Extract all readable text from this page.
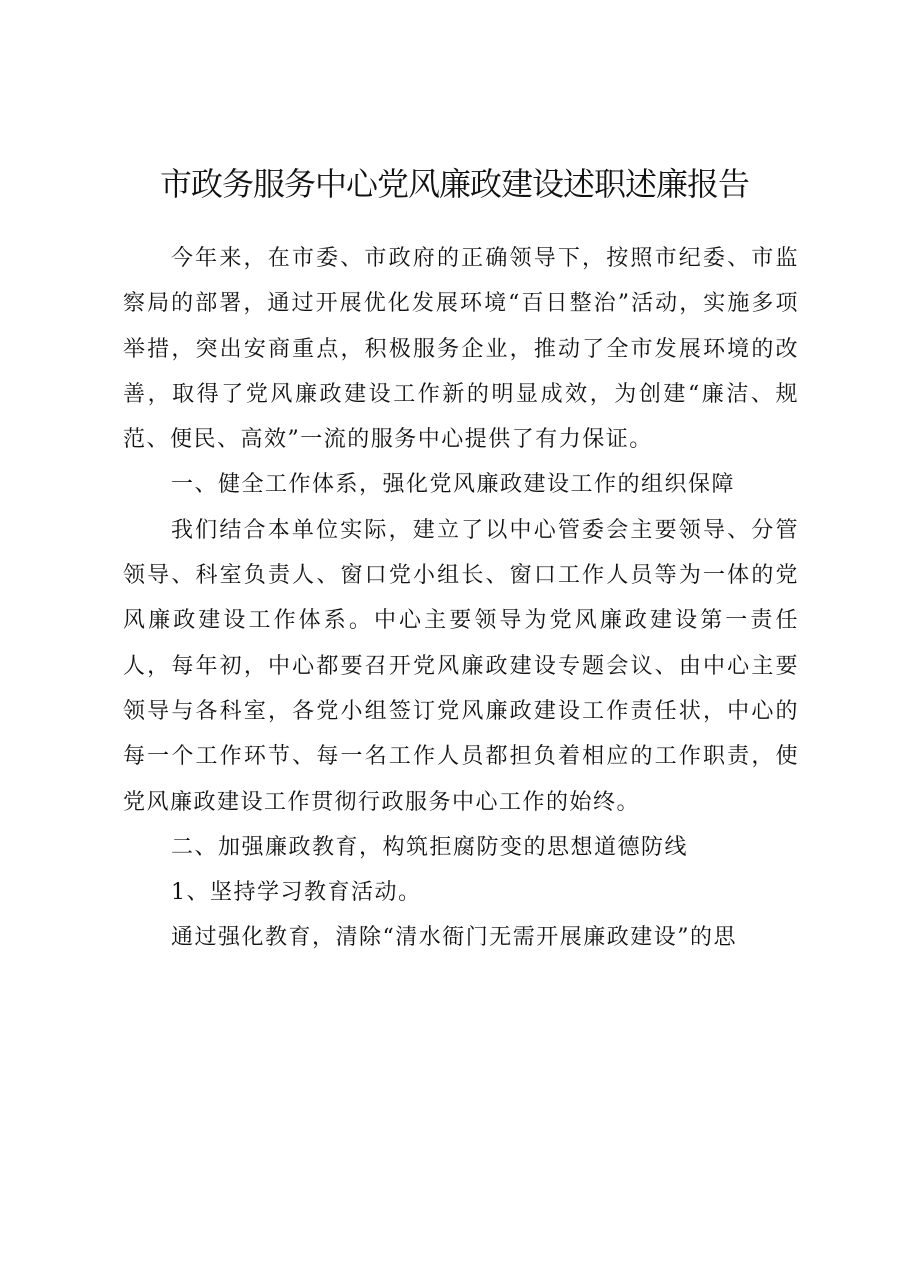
市政务服务中心党风廉政建设述职述廉报告

今年来，在市委、市政府的正确领导下，按照市纪委、市监察局的部署，通过开展优化发展环境“百日整治”活动，实施多项举措，突出安商重点，积极服务企业，推动了全市发展环境的改善，取得了党风廉政建设工作新的明显成效，为创建“廉洁、规范、便民、高效”一流的服务中心提供了有力保证。

一、健全工作体系，强化党风廉政建设工作的组织保障

我们结合本单位实际，建立了以中心管委会主要领导、分管领导、科室负责人、窗口党小组长、窗口工作人员等为一体的党风廉政建设工作体系。中心主要领导为党风廉政建设第一责任人，每年初，中心都要召开党风廉政建设专题会议、由中心主要领导与各科室，各党小组签订党风廉政建设工作责任状，中心的每一个工作环节、每一名工作人员都担负着相应的工作职责，使党风廉政建设工作贯彻行政服务中心工作的始终。

二、加强廉政教育，构筑拒腐防变的思想道德防线

1、坚持学习教育活动。

通过强化教育，清除“清水衙门无需开展廉政建设”的思
